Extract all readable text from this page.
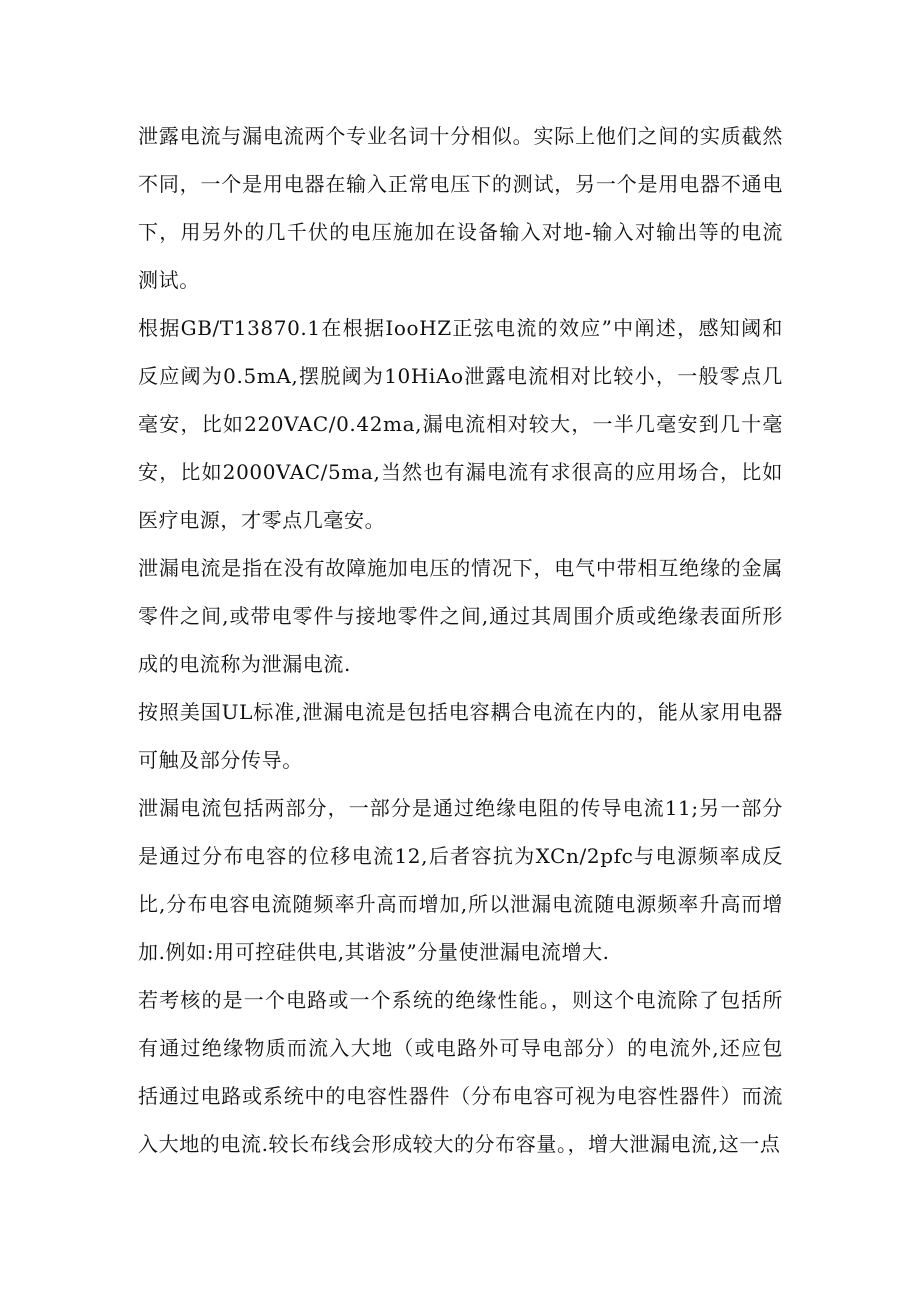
泄露电流与漏电流两个专业名词十分相似。实际上他们之间的实质截然不同，一个是用电器在输入正常电压下的测试，另一个是用电器不通电下，用另外的几千伏的电压施加在设备输入对地-输入对输出等的电流测试。

根据GB/T13870.1在根据IooHZ正弦电流的效应”中阐述，感知阈和反应阈为0.5mA,摆脱阈为10HiAo泄露电流相对比较小，一般零点几毫安，比如220VAC/0.42ma,漏电流相对较大，一半几毫安到几十毫安，比如2000VAC/5ma,当然也有漏电流有求很高的应用场合，比如医疗电源，才零点几毫安。

泄漏电流是指在没有故障施加电压的情况下，电气中带相互绝缘的金属零件之间,或带电零件与接地零件之间,通过其周围介质或绝缘表面所形成的电流称为泄漏电流.

按照美国UL标准,泄漏电流是包括电容耦合电流在内的，能从家用电器可触及部分传导。

泄漏电流包括两部分，一部分是通过绝缘电阻的传导电流11;另一部分是通过分布电容的位移电流12,后者容抗为XCn/2pfc与电源频率成反比,分布电容电流随频率升高而增加,所以泄漏电流随电源频率升高而增加.例如:用可控硅供电,其谐波”分量使泄漏电流增大.

若考核的是一个电路或一个系统的绝缘性能。，则这个电流除了包括所有通过绝缘物质而流入大地（或电路外可导电部分）的电流外,还应包括通过电路或系统中的电容性器件（分布电容可视为电容性器件）而流入大地的电流.较长布线会形成较大的分布容量。，增大泄漏电流,这一点
